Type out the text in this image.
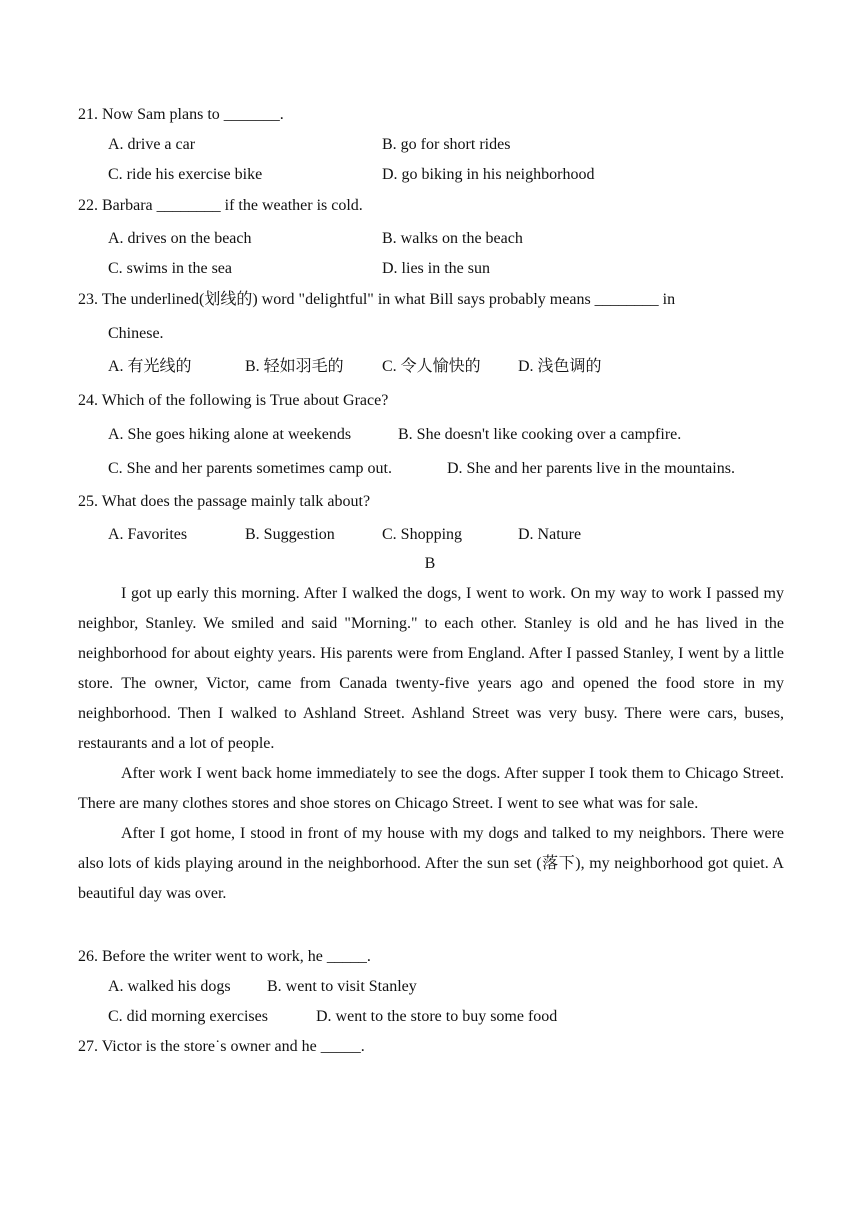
21. Now Sam plans to _______.
A. drive a car	B. go for short rides
C. ride his exercise bike	D. go biking in his neighborhood
22. Barbara ________ if the weather is cold.
A. drives on the beach	B. walks on the beach
C. swims in the sea	D. lies in the sun
23. The underlined(划线的) word "delightful" in what Bill says probably means ________ in
Chinese.
A. 有光线的	B. 轻如羽毛的 C. 令人愉快的 D. 浅色调的
24. Which of the following is True about Grace?
A. She goes hiking alone at weekends	B. She doesn't like cooking over a campfire.
C. She and her parents sometimes camp out.	D. She and her parents live in the mountains.
25. What does the passage mainly talk about?
A. Favorites	B. Suggestion	C. Shopping	D. Nature
B

I got up early this morning. After I walked the dogs, I went to work. On my way to work I passed my neighbor, Stanley. We smiled and said "Morning." to each other. Stanley is old and he has lived in the neighborhood for about eighty years. His parents were from England. After I passed Stanley, I went by a little store. The owner, Victor, came from Canada twenty-five years ago and opened the food store in my neighborhood. Then I walked to Ashland Street. Ashland Street was very busy. There were cars, buses, restaurants and a lot of people.

After work I went back home immediately to see the dogs. After supper I took them to Chicago Street. There are many clothes stores and shoe stores on Chicago Street. I went to see what was for sale.

After I got home, I stood in front of my house with my dogs and talked to my neighbors. There were also lots of kids playing around in the neighborhood. After the sun set (落下), my neighborhood got quiet. A beautiful day was over.

26. Before the writer went to work, he _____.
A. walked his dogs B. went to visit Stanley
C. did morning exercises	D. went to the store to buy some food
27. Victor is the store˙s owner and he _____.
